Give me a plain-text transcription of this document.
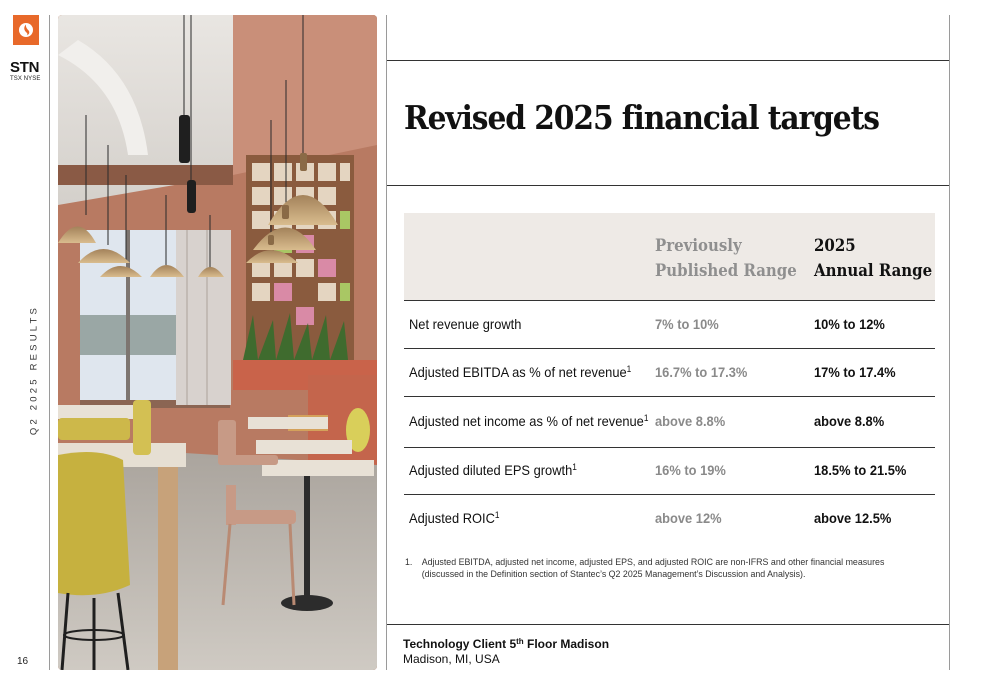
STN
TSX NYSE
Q2 2025 RESULTS
16
Revised 2025 financial targets
Previously
Published Range
2025
Annual Range
Net revenue growth	7% to 10%	10% to 12%
Adjusted EBITDA as % of net revenue$^1$ 16.7% to 17.3%	17% to 17.4%
Adjusted net income as % of net revenue$^1$ above 8.8%	above 8.8%
Adjusted diluted EPS growth$^1$	16% to 19%	18.5% to 21.5%
Adjusted ROIC$^1$	above 12%	above 12.5%
1. Adjusted EBITDA, adjusted net income, adjusted EPS, and adjusted ROIC are non-IFRS and other financial measures
(discussed in the Definition section of Stantec’s Q2 2025 Management’s Discussion and Analysis).
Technology Client 5th Floor Madison
Madison, MI, USA
